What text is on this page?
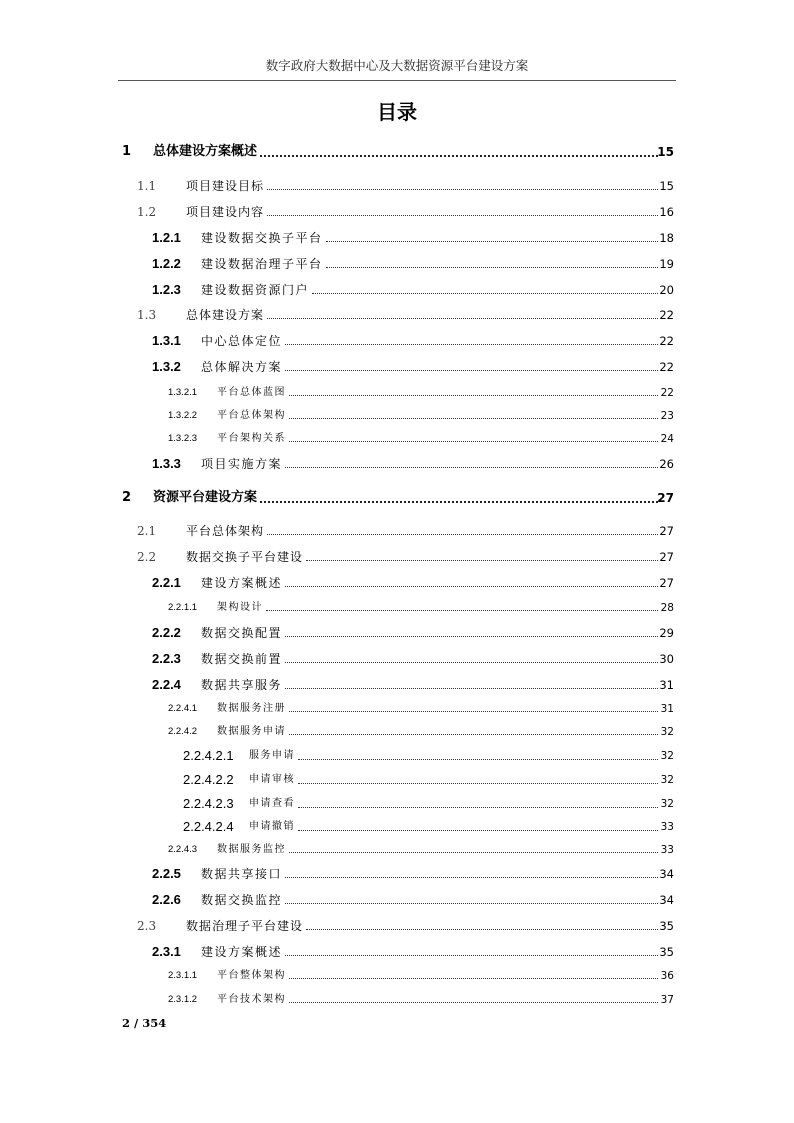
数字政府大数据中心及大数据资源平台建设方案
目录
1 总体建设方案概述	15
1.1 项目建设目标	15
1.2 项目建设内容	16
1.2.1 建设数据交换子平台	18
1.2.2 建设数据治理子平台	19
1.2.3 建设数据资源门户	20
1.3 总体建设方案	22
1.3.1 中心总体定位	22
1.3.2 总体解决方案	22
1.3.2.1 平台总体蓝图	22
1.3.2.2 平台总体架构	23
1.3.2.3 平台架构关系	24
1.3.3 项目实施方案	26
2 资源平台建设方案	27
2.1 平台总体架构	27
2.2 数据交换子平台建设	27
2.2.1 建设方案概述	27
2.2.1.1 架构设计	28
2.2.2 数据交换配置	29
2.2.3 数据交换前置	30
2.2.4 数据共享服务	31
2.2.4.1 数据服务注册	31
2.2.4.2 数据服务申请	32
2.2.4.2.1 服务申请	32
2.2.4.2.2 申请审核	32
2.2.4.2.3 申请查看	32
2.2.4.2.4 申请撤销	33
2.2.4.3 数据服务监控	33
2.2.5 数据共享接口	34
2.2.6 数据交换监控	34
2.3 数据治理子平台建设	35
2.3.1 建设方案概述	35
2.3.1.1 平台整体架构	36
2.3.1.2 平台技术架构	37
2 / 354
